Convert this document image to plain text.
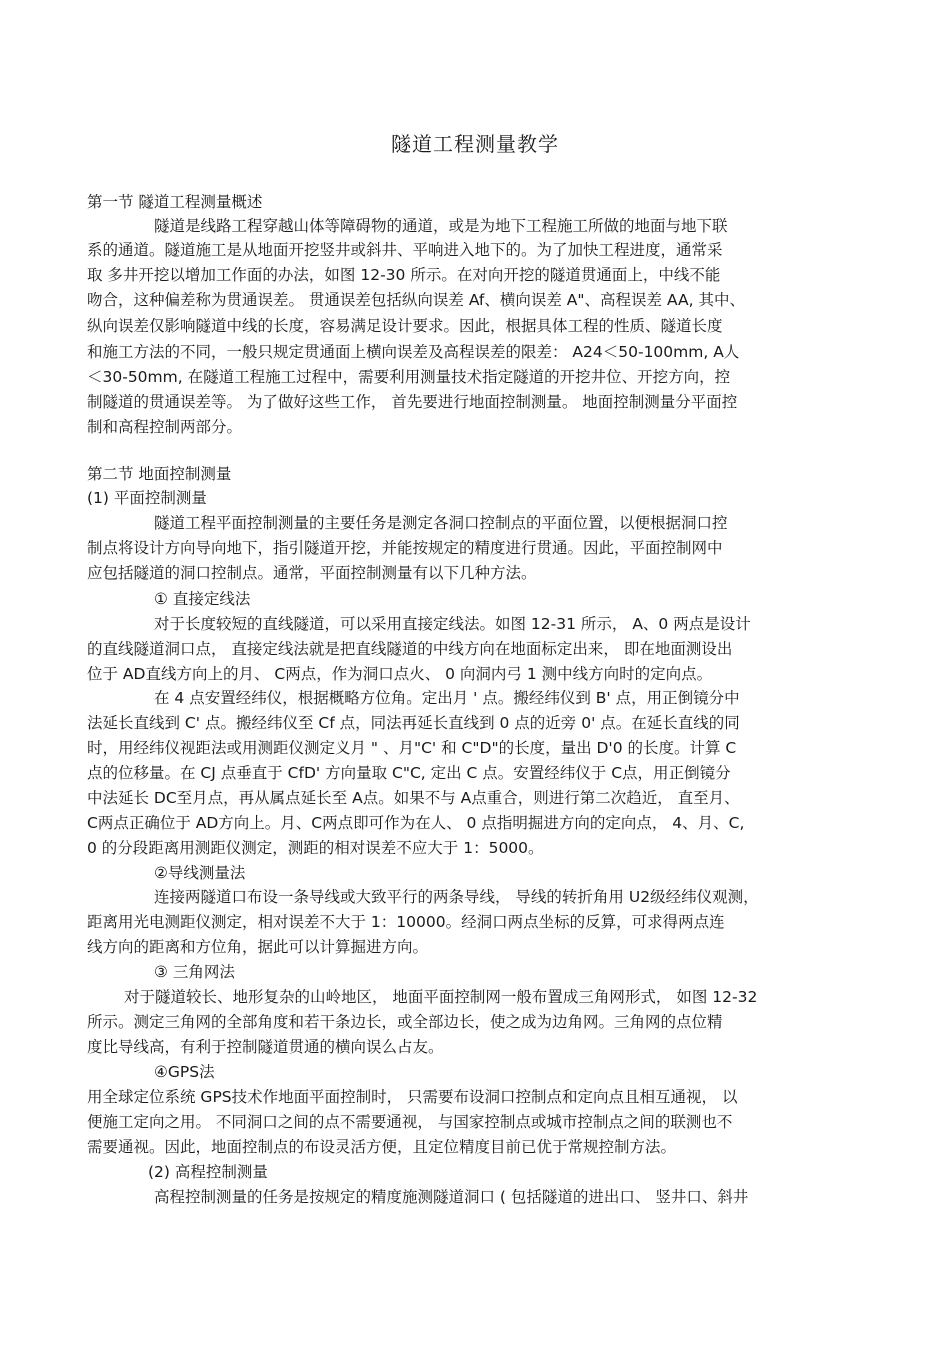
隧道工程测量教学
第一节 隧道工程测量概述
隧道是线路工程穿越山体等障碍物的通道，或是为地下工程施工所做的地面与地下联
系的通道。隧道施工是从地面开挖竖井或斜井、平响进入地下的。为了加快工程进度，通常采
取 多井开挖以增加工作面的办法，如图 12-30 所示。在对向开挖的隧道贯通面上，中线不能
吻合，这种偏差称为贯通误差。 贯通误差包括纵向误差 Af、横向误差 A"、高程误差 AA, 其中、
纵向误差仅影响隧道中线的长度，容易满足设计要求。因此，根据具体工程的性质、隧道长度
和施工方法的不同，一般只规定贯通面上横向误差及高程误差的限差： A24＜50-100mm, A人
＜30-50mm, 在隧道工程施工过程中，需要利用测量技术指定隧道的开挖井位、开挖方向，控
制隧道的贯通误差等。 为了做好这些工作， 首先要进行地面控制测量。 地面控制测量分平面控
制和高程控制两部分。
第二节 地面控制测量
(1) 平面控制测量
隧道工程平面控制测量的主要任务是测定各洞口控制点的平面位置，以便根据洞口控
制点将设计方向导向地下，指引隧道开挖，并能按规定的精度进行贯通。因此，平面控制网中
应包括隧道的洞口控制点。通常，平面控制测量有以下几种方法。
① 直接定线法
对于长度较短的直线隧道，可以采用直接定线法。如图 12-31 所示， A、0 两点是设计
的直线隧道洞口点， 直接定线法就是把直线隧道的中线方向在地面标定出来， 即在地面测设出
位于 AD直线方向上的月、 C两点，作为洞口点火、 0 向洞内弓 1 测中线方向时的定向点。
在 4 点安置经纬仪，根据概略方位角。定出月 ' 点。搬经纬仪到 B' 点，用正倒镜分中
法延长直线到 C' 点。搬经纬仪至 Cf 点，同法再延长直线到 0 点的近旁 0' 点。在延长直线的同
时，用经纬仪视距法或用测距仪测定义月 " 、月"C' 和 C"D"的长度，量出 D'0 的长度。计算 C
点的位移量。在 CJ 点垂直于 CfD' 方向量取 C"C, 定出 C 点。安置经纬仪于 C点，用正倒镜分
中法延长 DC至月点，再从属点延长至 A点。如果不与 A点重合，则进行第二次趋近， 直至月、
C两点正确位于 AD方向上。月、C两点即可作为在人、 0 点指明掘进方向的定向点， 4、月、C,
0 的分段距离用测距仪测定，测距的相对误差不应大于 1：5000。
②导线测量法
连接两隧道口布设一条导线或大致平行的两条导线， 导线的转折角用 U2级经纬仪观测，
距离用光电测距仪测定，相对误差不大于 1：10000。经洞口两点坐标的反算，可求得两点连
线方向的距离和方位角，据此可以计算掘进方向。
③ 三角网法
对于隧道较长、地形复杂的山岭地区， 地面平面控制网一般布置成三角网形式， 如图 12-32
所示。测定三角网的全部角度和若干条边长，或全部边长，使之成为边角网。三角网的点位精
度比导线高，有利于控制隧道贯通的横向误么占友。
④GPS法
用全球定位系统 GPS技术作地面平面控制时， 只需要布设洞口控制点和定向点且相互通视， 以
便施工定向之用。 不同洞口之间的点不需要通视， 与国家控制点或城市控制点之间的联测也不
需要通视。因此，地面控制点的布设灵活方便，且定位精度目前已优于常规控制方法。
(2) 高程控制测量
高程控制测量的任务是按规定的精度施测隧道洞口 ( 包括隧道的进出口、 竖井口、斜井
